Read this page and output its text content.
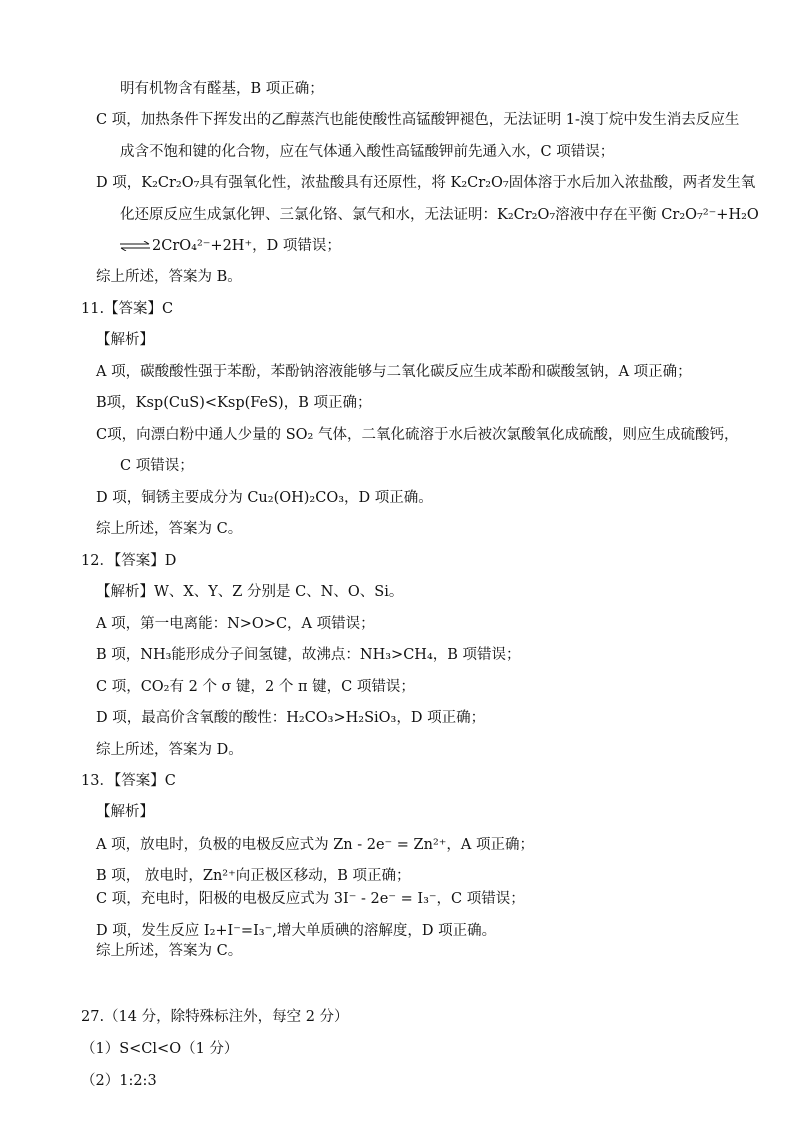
明有机物含有醛基，B 项正确；
C 项，加热条件下挥发出的乙醇蒸汽也能使酸性高锰酸钾褪色，无法证明 1-溴丁烷中发生消去反应生
成含不饱和键的化合物，应在气体通入酸性高锰酸钾前先通入水，C 项错误；
D 项，K₂Cr₂O₇具有强氧化性，浓盐酸具有还原性，将 K₂Cr₂O₇固体溶于水后加入浓盐酸，两者发生氧
化还原反应生成氯化钾、三氯化铬、氯气和水，无法证明：K₂Cr₂O₇溶液中存在平衡 Cr₂O₇²⁻+H₂O
⇌ 2CrO₄²⁻+2H⁺，D 项错误；
综上所述，答案为 B。
11.【答案】C
【解析】
A 项，碳酸酸性强于苯酚，苯酚钠溶液能够与二氧化碳反应生成苯酚和碳酸氢钠，A 项正确；
B项，Ksp(CuS)<Ksp(FeS)，B 项正确；
C项，向漂白粉中通人少量的 SO₂ 气体，二氧化硫溶于水后被次氯酸氧化成硫酸，则应生成硫酸钙，
C 项错误；
D 项，铜锈主要成分为 Cu₂(OH)₂CO₃，D 项正确。
综上所述，答案为 C。
12．【答案】D
【解析】W、X、Y、Z 分别是 C、N、O、Si。
A 项，第一电离能：N>O>C，A 项错误；
B 项，NH₃能形成分子间氢键，故沸点：NH₃>CH₄，B 项错误；
C 项，CO₂有 2 个 σ 键，2 个 π 键，C 项错误；
D 项，最高价含氧酸的酸性：H₂CO₃>H₂SiO₃，D 项正确；
综上所述，答案为 D。
13．【答案】C
【解析】
A 项，放电时，负极的电极反应式为 Zn - 2e⁻ = Zn²⁺，A 项正确；
B 项， 放电时，Zn²⁺向正极区移动，B 项正确；
C 项，充电时，阳极的电极反应式为 3I⁻ - 2e⁻ = I₃⁻，C 项错误；
D 项，发生反应 I₂+I⁻=I₃⁻,增大单质碘的溶解度，D 项正确。
综上所述，答案为 C。
27.（14 分，除特殊标注外，每空 2 分）
（1）S<Cl<O（1 分）
（2）1:2:3
